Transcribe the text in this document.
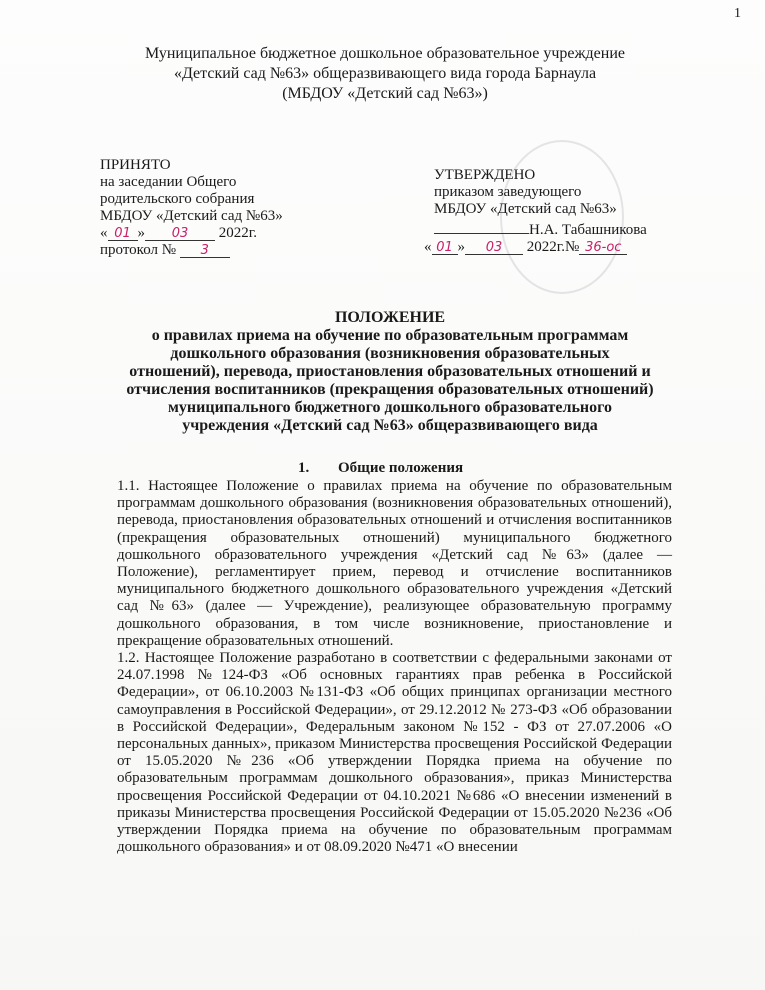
1
Муниципальное бюджетное дошкольное образовательное учреждение
«Детский сад №63» общеразвивающего вида города Барнаула
(МБДОУ «Детский сад №63»)
ПРИНЯТО
на заседании Общего
родительского собрания
МБДОУ «Детский сад №63»
« 01 » 03 2022г.
протокол № 3
УТВЕРЖДЕНО
приказом заведующего
МБДОУ «Детский сад №63»
Н.А. Табашникова
« 01 » 03 2022г.№ 36-ос
ПОЛОЖЕНИЕ
о правилах приема на обучение по образовательным программам
дошкольного образования (возникновения образовательных
отношений), перевода, приостановления образовательных отношений и
отчисления воспитанников (прекращения образовательных отношений)
муниципального бюджетного дошкольного образовательного
учреждения «Детский сад №63» общеразвивающего вида
1. Общие положения

1.1. Настоящее Положение о правилах приема на обучение по образовательным программам дошкольного образования (возникновения образовательных отношений), перевода, приостановления образовательных отношений и отчисления воспитанников (прекращения образовательных отношений) муниципального бюджетного дошкольного образовательного учреждения «Детский сад №63» (далее — Положение), регламентирует прием, перевод и отчисление воспитанников муниципального бюджетного дошкольного образовательного учреждения «Детский сад №63» (далее — Учреждение), реализующее образовательную программу дошкольного образования, в том числе возникновение, приостановление и прекращение образовательных отношений.

1.2. Настоящее Положение разработано в соответствии с федеральными законами от 24.07.1998 №124-ФЗ «Об основных гарантиях прав ребенка в Российской Федерации», от 06.10.2003 №131-ФЗ «Об общих принципах организации местного самоуправления в Российской Федерации», от 29.12.2012 № 273-ФЗ «Об образовании в Российской Федерации», Федеральным законом №152 - ФЗ от 27.07.2006 «О персональных данных», приказом Министерства просвещения Российской Федерации от 15.05.2020 №236 «Об утверждении Порядка приема на обучение по образовательным программам дошкольного образования», приказ Министерства просвещения Российской Федерации от 04.10.2021 №686 «О внесении изменений в приказы Министерства просвещения Российской Федерации от 15.05.2020 №236 «Об утверждении Порядка приема на обучение по образовательным программам дошкольного образования» и от 08.09.2020 №471 «О внесении
